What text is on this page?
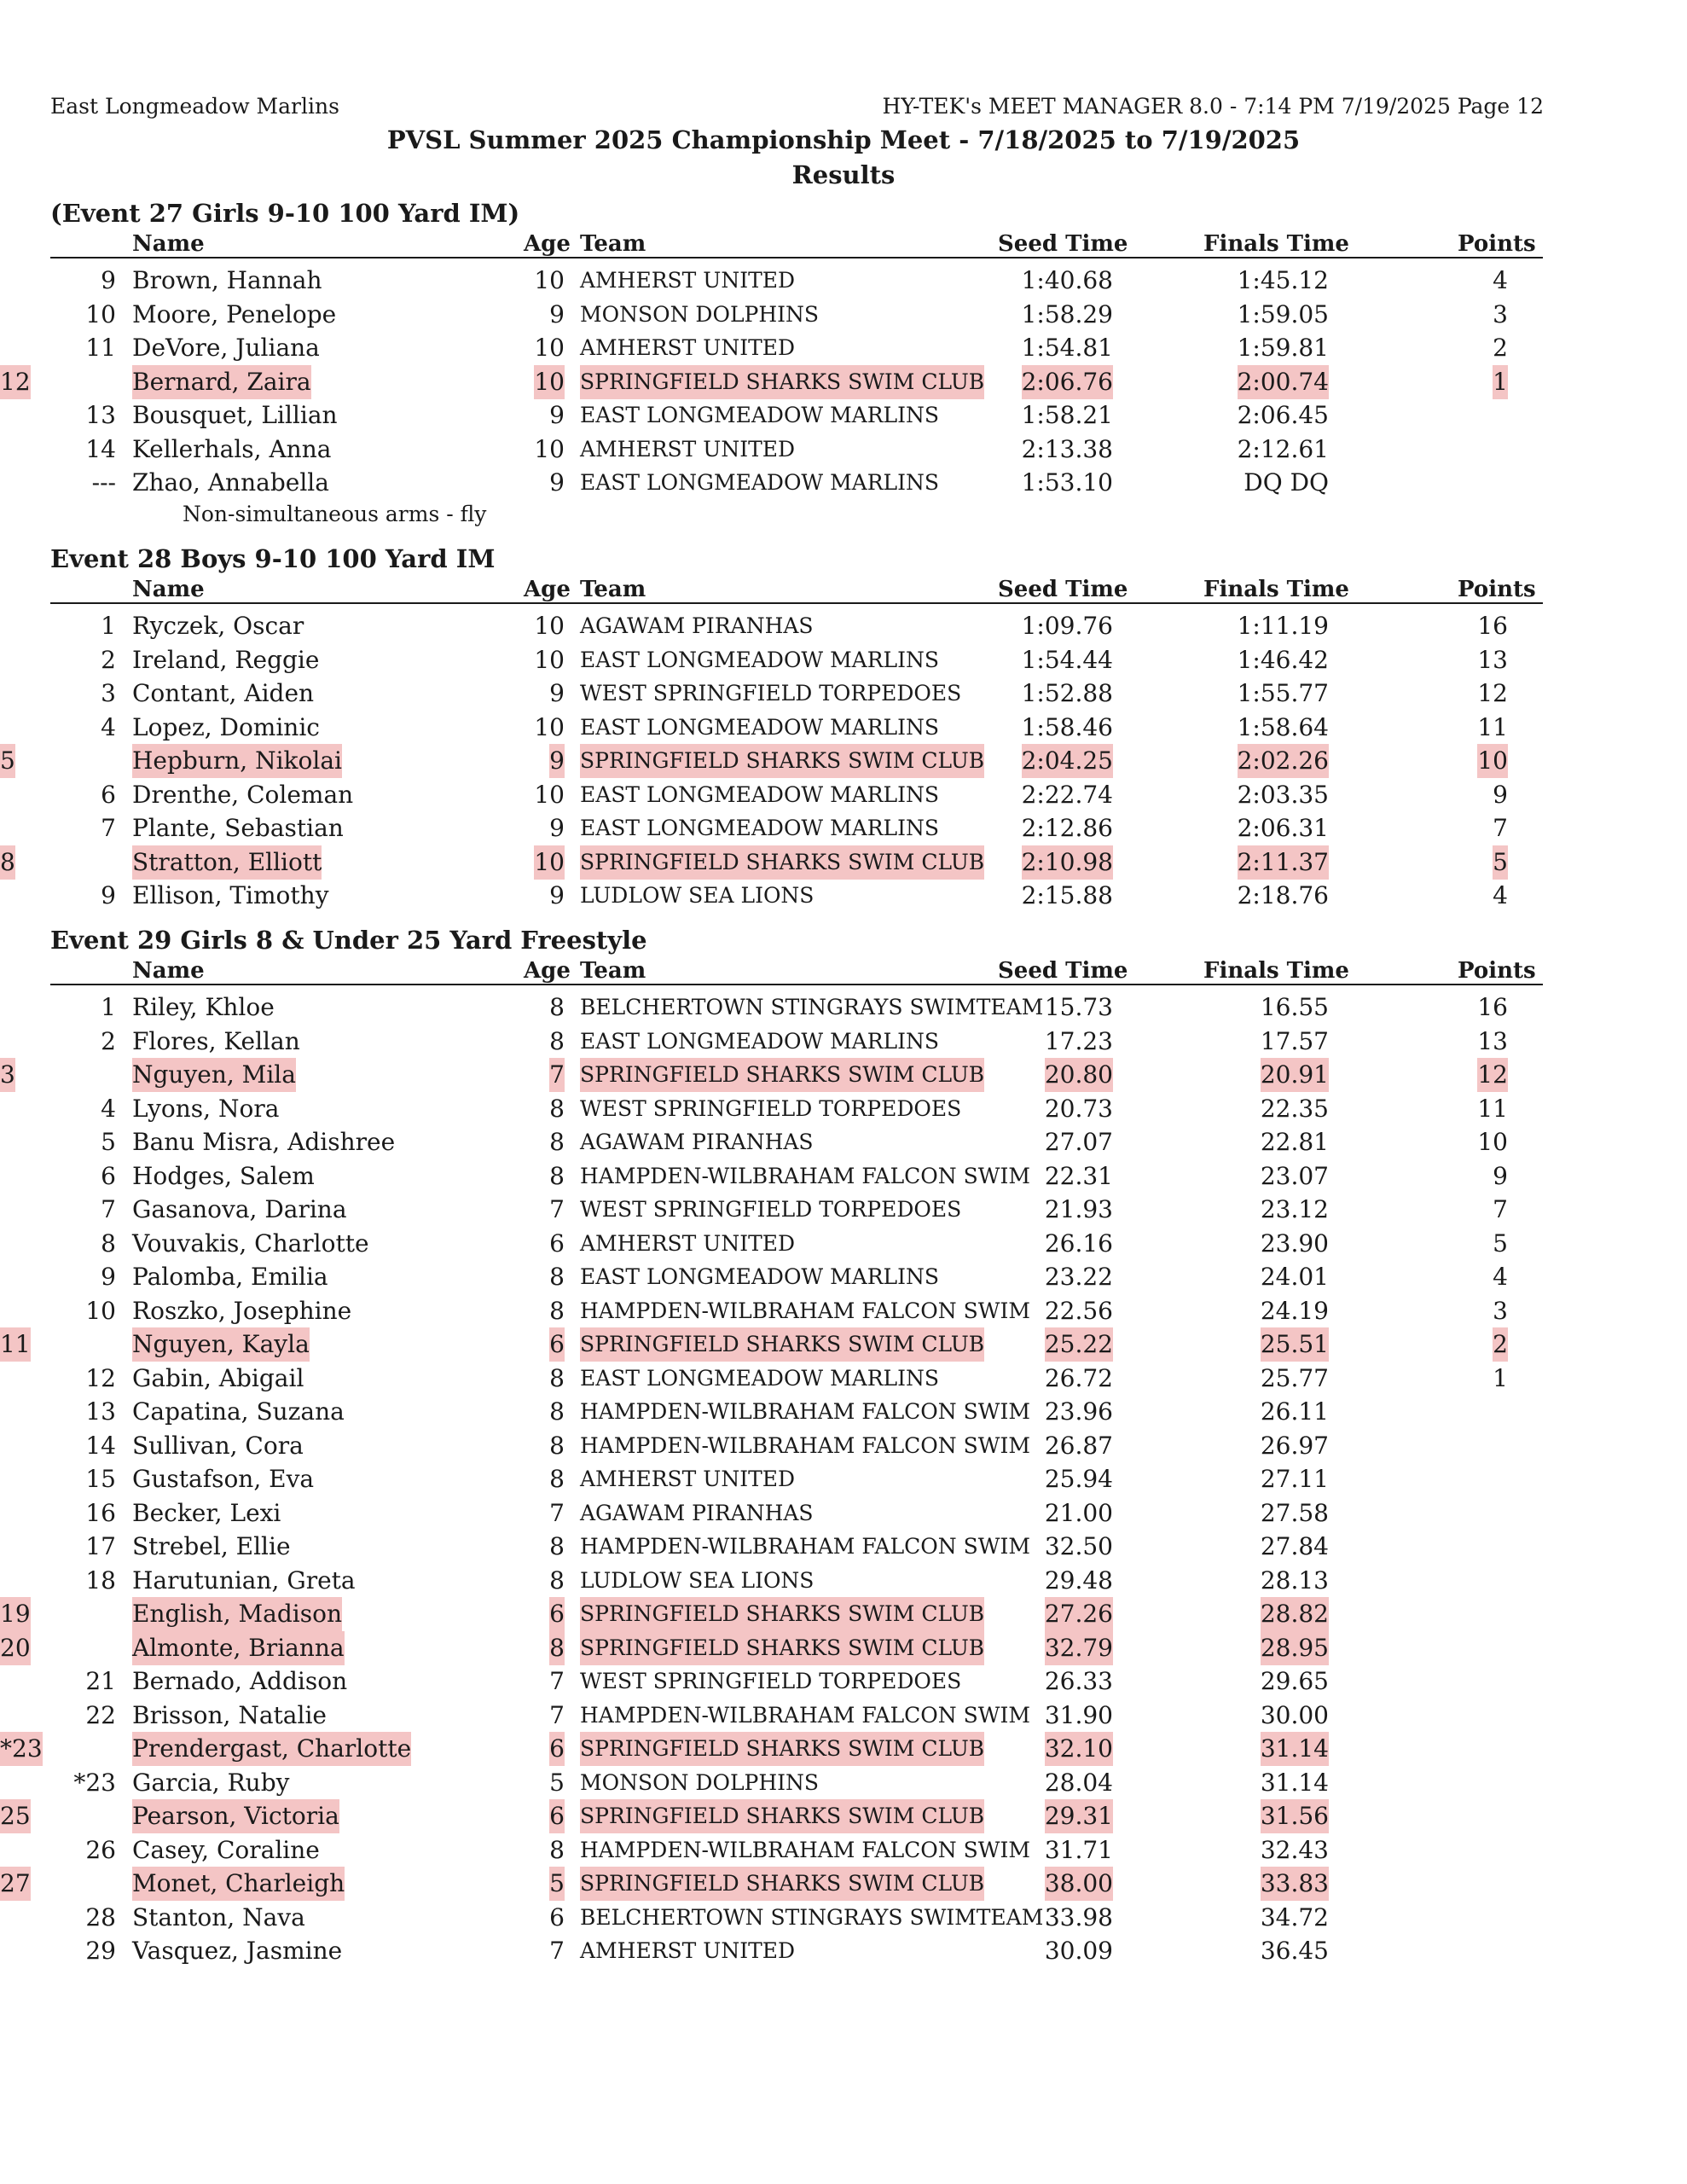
East Longmeadow Marlins	HY-TEK's MEET MANAGER 8.0 - 7:14 PM 7/19/2025 Page 12
PVSL Summer 2025 Championship Meet - 7/18/2025 to 7/19/2025
Results
(Event 27 Girls 9-10 100 Yard IM)
Name	Age Team	Seed Time	Finals Time	Points
9 Brown, Hannah	10 AMHERST UNITED	1:40.68	1:45.12	4
10 Moore, Penelope	9 MONSON DOLPHINS	1:58.29	1:59.05	3
11 DeVore, Juliana	10 AMHERST UNITED	1:54.81	1:59.81	2
12	Bernard, Zaira	10 SPRINGFIELD SHARKS SWIM CLUB 2:06.76	2:00.74	1
13 Bousquet, Lillian	9 EAST LONGMEADOW MARLINS	1:58.21	2:06.45
14 Kellerhals, Anna	10 AMHERST UNITED	2:13.38	2:12.61
--- Zhao, Annabella	9 EAST LONGMEADOW MARLINS	1:53.10	DQ DQ
Non-simultaneous arms - fly
Event 28 Boys 9-10 100 Yard IM
Name	Age Team	Seed Time	Finals Time	Points
1 Ryczek, Oscar	10 AGAWAM PIRANHAS	1:09.76	1:11.19	16
2 Ireland, Reggie	10 EAST LONGMEADOW MARLINS	1:54.44	1:46.42	13
3 Contant, Aiden	9 WEST SPRINGFIELD TORPEDOES	1:52.88	1:55.77	12
4 Lopez, Dominic	10 EAST LONGMEADOW MARLINS	1:58.46	1:58.64	11
5	Hepburn, Nikolai	9 SPRINGFIELD SHARKS SWIM CLUB 2:04.25	2:02.26	10
6 Drenthe, Coleman	10 EAST LONGMEADOW MARLINS	2:22.74	2:03.35	9
7 Plante, Sebastian	9 EAST LONGMEADOW MARLINS	2:12.86	2:06.31	7
8	Stratton, Elliott	10 SPRINGFIELD SHARKS SWIM CLUB 2:10.98	2:11.37	5
9 Ellison, Timothy	9 LUDLOW SEA LIONS	2:15.88	2:18.76	4
Event 29 Girls 8 & Under 25 Yard Freestyle
Name	Age Team	Seed Time	Finals Time	Points
1 Riley, Khloe	8 BELCHERTOWN STINGRAYS SWIMTEAM 15.73	16.55	16
2 Flores, Kellan	8 EAST LONGMEADOW MARLINS	17.23	17.57	13
3	Nguyen, Mila	7 SPRINGFIELD SHARKS SWIM CLUB	20.80	20.91	12
4 Lyons, Nora	8 WEST SPRINGFIELD TORPEDOES	20.73	22.35	11
5 Banu Misra, Adishree	8 AGAWAM PIRANHAS	27.07	22.81	10
6 Hodges, Salem	8 HAMPDEN-WILBRAHAM FALCON SWIM 22.31	23.07	9
7 Gasanova, Darina	7 WEST SPRINGFIELD TORPEDOES	21.93	23.12	7
8 Vouvakis, Charlotte	6 AMHERST UNITED	26.16	23.90	5
9 Palomba, Emilia	8 EAST LONGMEADOW MARLINS	23.22	24.01	4
10 Roszko, Josephine	8 HAMPDEN-WILBRAHAM FALCON SWIM 22.56	24.19	3
11	Nguyen, Kayla	6 SPRINGFIELD SHARKS SWIM CLUB	25.22	25.51	2
12 Gabin, Abigail	8 EAST LONGMEADOW MARLINS	26.72	25.77	1
13 Capatina, Suzana	8 HAMPDEN-WILBRAHAM FALCON SWIM 23.96	26.11
14 Sullivan, Cora	8 HAMPDEN-WILBRAHAM FALCON SWIM 26.87	26.97
15 Gustafson, Eva	8 AMHERST UNITED	25.94	27.11
16 Becker, Lexi	7 AGAWAM PIRANHAS	21.00	27.58
17 Strebel, Ellie	8 HAMPDEN-WILBRAHAM FALCON SWIM 32.50	27.84
18 Harutunian, Greta	8 LUDLOW SEA LIONS	29.48	28.13
19	English, Madison	6 SPRINGFIELD SHARKS SWIM CLUB	27.26	28.82
20	Almonte, Brianna	8 SPRINGFIELD SHARKS SWIM CLUB	32.79	28.95
21 Bernado, Addison	7 WEST SPRINGFIELD TORPEDOES	26.33	29.65
22 Brisson, Natalie	7 HAMPDEN-WILBRAHAM FALCON SWIM 31.90	30.00
*23	Prendergast, Charlotte	6 SPRINGFIELD SHARKS SWIM CLUB	32.10	31.14
*23 Garcia, Ruby	5 MONSON DOLPHINS	28.04	31.14
25	Pearson, Victoria	6 SPRINGFIELD SHARKS SWIM CLUB	29.31	31.56
26 Casey, Coraline	8 HAMPDEN-WILBRAHAM FALCON SWIM 31.71	32.43
27	Monet, Charleigh	5 SPRINGFIELD SHARKS SWIM CLUB	38.00	33.83
28 Stanton, Nava	6 BELCHERTOWN STINGRAYS SWIMTEAM 33.98	34.72
29 Vasquez, Jasmine	7 AMHERST UNITED	30.09	36.45
